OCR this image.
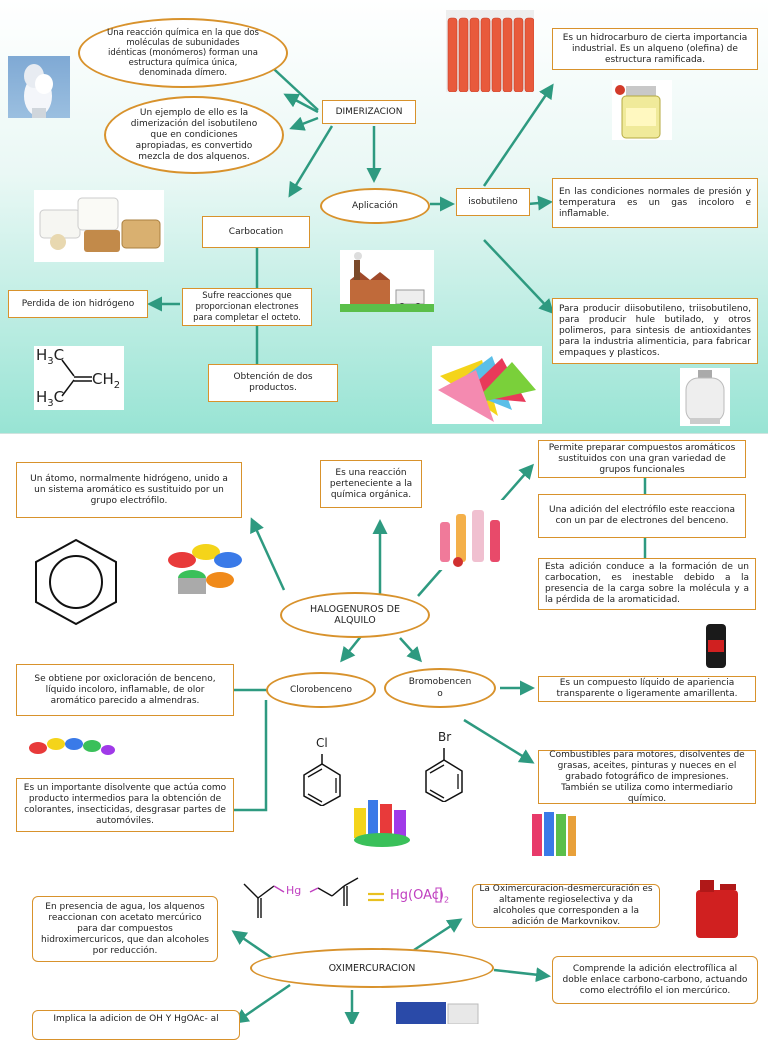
Una reacción química en la que dos moléculas de subunidades idénticas (monómeros) forman una estructura química única, denominada dímero.
Un ejemplo de ello es la dimerización del isobutileno que en condiciones apropiadas, es convertido mezcla de dos alquenos.
DIMERIZACION
Es un hidrocarburo de cierta importancia industrial. Es un alqueno (olefina) de estructura ramificada.
Aplicación	isobutileno
En las condiciones normales de presión y temperatura es un gas incoloro e inflamable.
Carbocation
Perdida de ion hidrógeno
Sufre reacciones que proporcionan electrones para completar el octeto.
Para producir diisobutileno, triisobutileno, para producir hule butilado, y otros polimeros, para sintesis de antioxidantes para la industria alimenticia, para fabricar empaques y plasticos.
$H_3C$
$H_3C$
$CH_2$
Obtención de dos productos.
Un átomo, normalmente hidrógeno, unido a un sistema aromático es sustituido por un grupo electrófilo.
Es una reacción perteneciente a la química orgánica.
Permite preparar compuestos aromáticos sustituidos con una gran variedad de grupos funcionales
Una adición del electrófilo este reacciona con un par de electrones del benceno.
Esta adición conduce a la formación de un carbocation, es inestable debido a la presencia de la carga sobre la molécula y a la pérdida de la aromaticidad.
HALOGENUROS DE ALQUILO
Se obtiene por oxicloración de benceno, líquido incoloro, inflamable, de olor aromático parecido a almendras.
Clorobenceno
Bromobencen o
Es un compuesto líquido de apariencia transparente o ligeramente amarillenta.
Cl	Br
Combustibles para motores, disolventes de grasas, aceites, pinturas y nueces en el grabado fotográfico de impresiones. También se utiliza como intermediario químico.
Es un importante disolvente que actúa como producto intermedios para la obtención de colorantes, insecticidas, desgrasar partes de automóviles.
Hg	$Hg(OAc)_2$
La Oximercuracion-desmercuración es altamente regioselectiva y da alcoholes que corresponden a la adición de Markovnikov.
En presencia de agua, los alquenos reaccionan con acetato mercúrico para dar compuestos hidroximercuricos, que dan alcoholes por reducción.
OXIMERCURACION	Comprende la adición electrofílica al doble enlace carbono-carbono, actuando como electrófilo el ion mercúrico.
Implica la adicion de OH Y HgOAc- al
